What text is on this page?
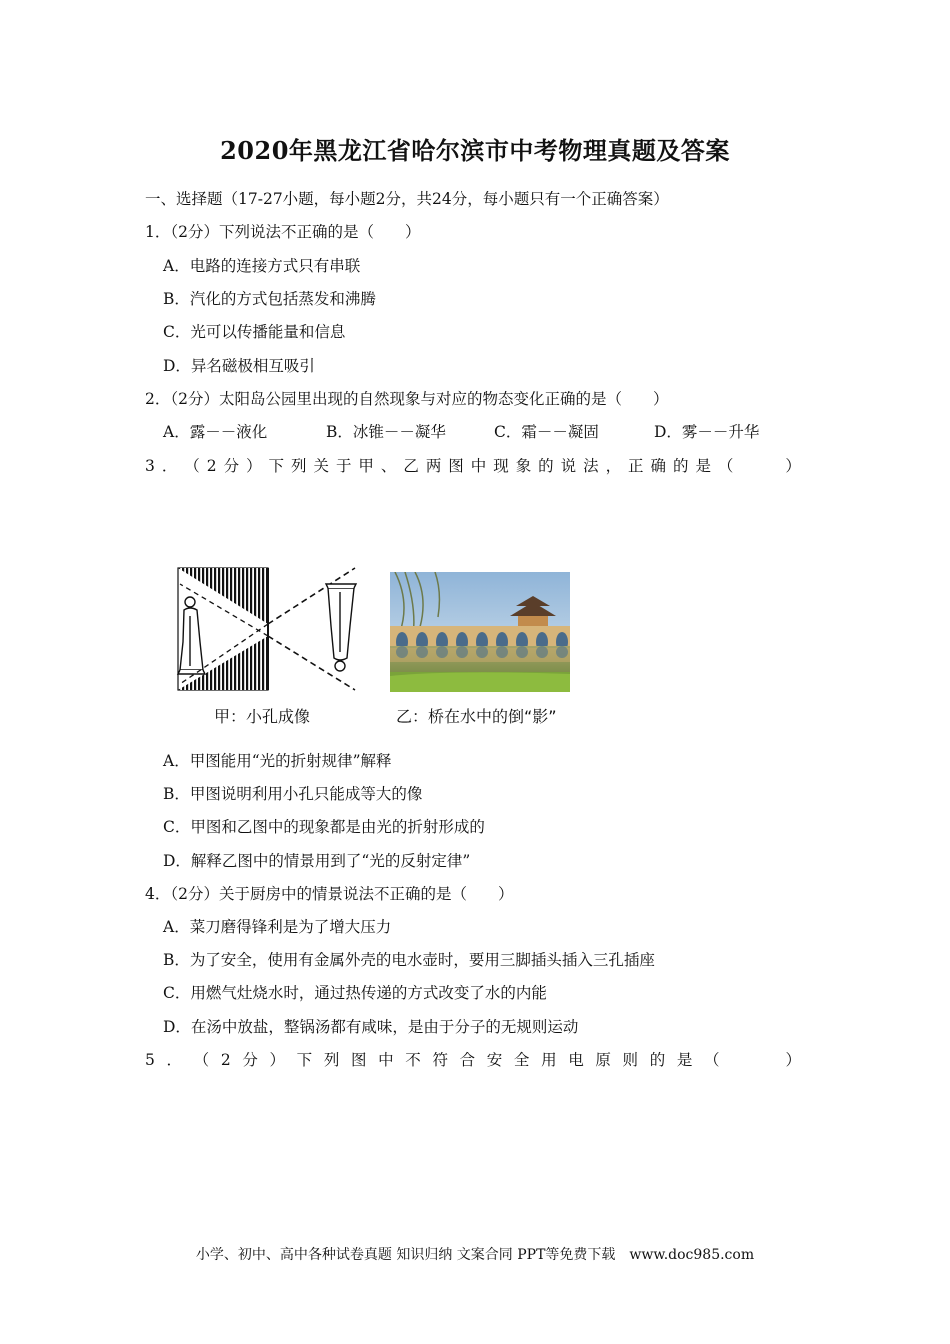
2020年黑龙江省哈尔滨市中考物理真题及答案
一、选择题（17-27小题，每小题2分，共24分，每小题只有一个正确答案）
1．（2分）下列说法不正确的是（　　）
A．电路的连接方式只有串联
B．汽化的方式包括蒸发和沸腾
C．光可以传播能量和信息
D．异名磁极相互吸引
2．（2分）太阳岛公园里出现的自然现象与对应的物态变化正确的是（　　）
A．露－－液化	B．冰锥－－凝华	C．霜－－凝固	D．雾－－升华
3 ． （ 2 分 ） 下 列 关 于 甲 、 乙 两 图 中 现 象 的 说 法 ， 正 确 的 是 （

　	）
甲：小孔成像	乙：桥在水中的倒“影”
A．甲图能用“光的折射规律”解释
B．甲图说明利用小孔只能成等大的像
C．甲图和乙图中的现象都是由光的折射形成的
D．解释乙图中的情景用到了“光的反射定律”
4．（2分）关于厨房中的情景说法不正确的是（　　）
A．菜刀磨得锋利是为了增大压力
B．为了安全，使用有金属外壳的电水壶时，要用三脚插头插入三孔插座
C．用燃气灶烧水时，通过热传递的方式改变了水的内能
D．在汤中放盐，整锅汤都有咸味，是由于分子的无规则运动
5 ． （ 2 分 ） 下 列 图 中 不 符 合 安 全 用 电 原 则 的 是 （

　	）
小学、初中、高中各种试卷真题 知识归纳 文案合同 PPT等免费下载　www.doc985.com
